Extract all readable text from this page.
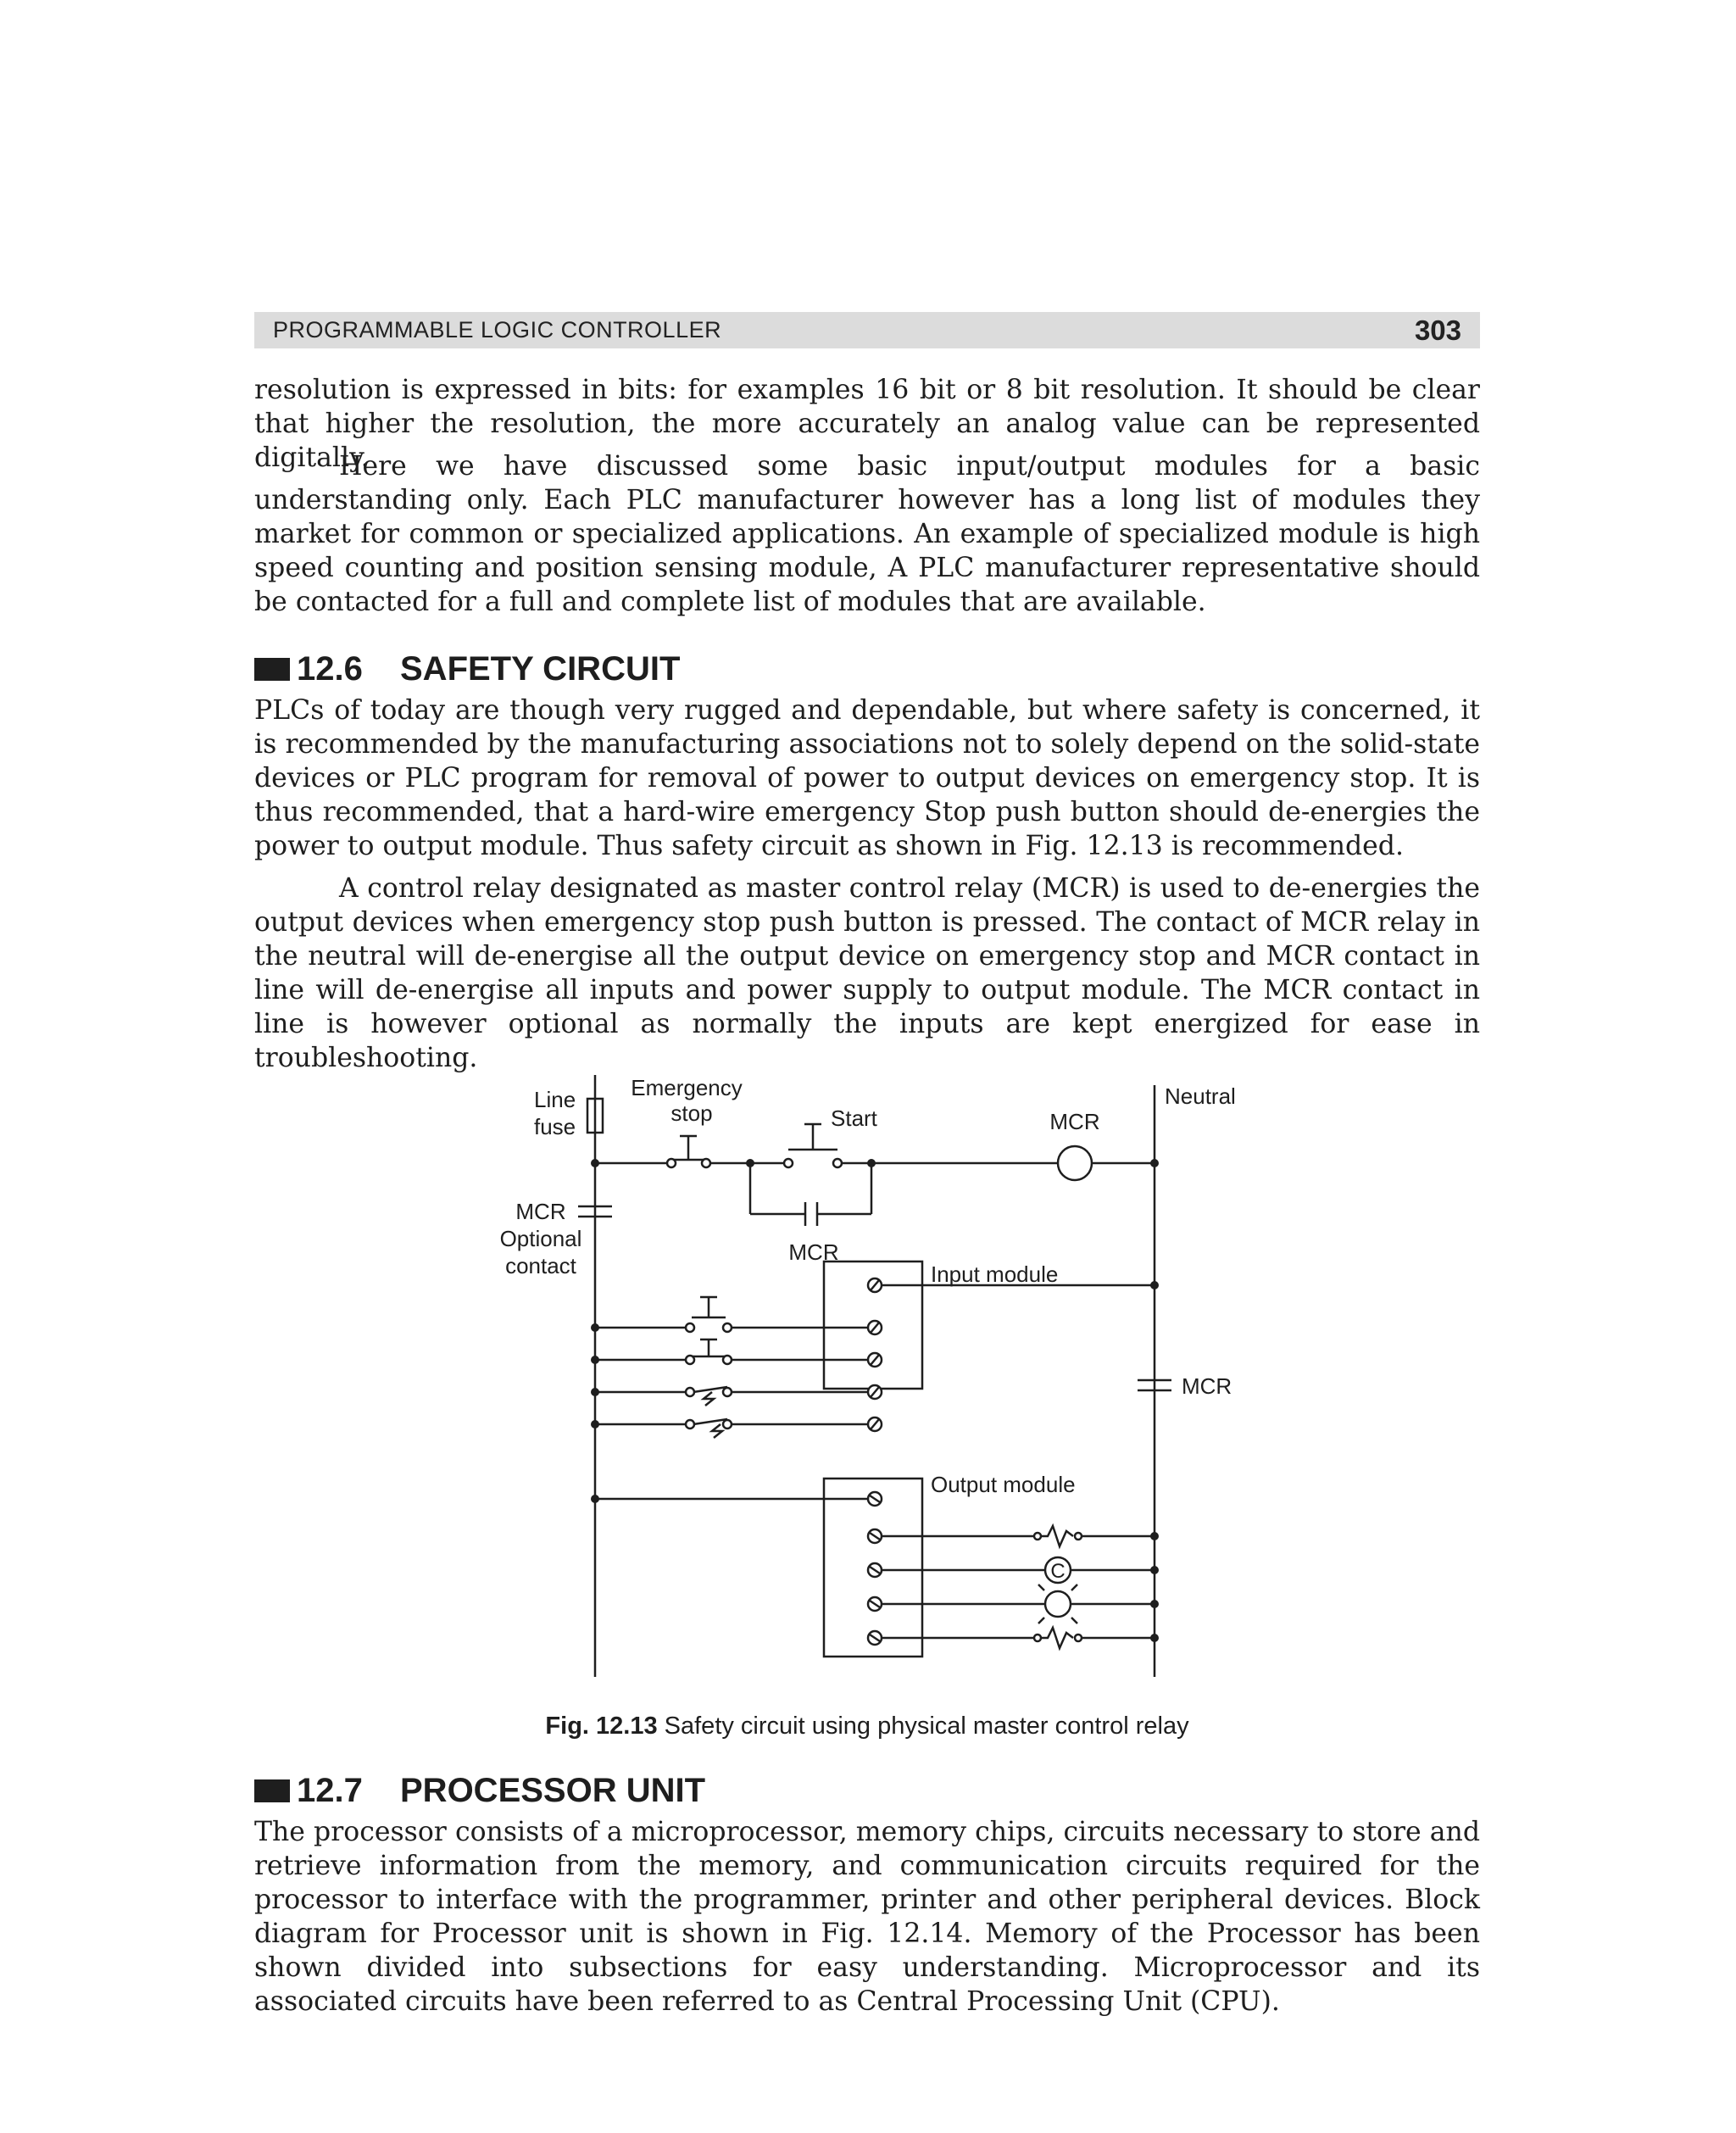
PROGRAMMABLE LOGIC CONTROLLER	303

resolution is expressed in bits: for examples 16 bit or 8 bit resolution. It should be clear that higher the resolution, the more accurately an analog value can be represented digitally.

Here we have discussed some basic input/output modules for a basic understanding only. Each PLC manufacturer however has a long list of modules they market for common or specialized applications. An example of specialized module is high speed counting and position sensing module, A PLC manufacturer representative should be contacted for a full and complete list of modules that are available.

12.6	SAFETY CIRCUIT

PLCs of today are though very rugged and dependable, but where safety is concerned, it is recommended by the manufacturing associations not to solely depend on the solid-state devices or PLC program for removal of power to output devices on emergency stop. It is thus recommended, that a hard-wire emergency Stop push button should de-energies the power to output module. Thus safety circuit as shown in Fig. 12.13 is recommended.

A control relay designated as master control relay (MCR) is used to de-energies the output devices when emergency stop push button is pressed. The contact of MCR relay in the neutral will de-energise all the output device on emergency stop and MCR contact in line will de-energise all inputs and power supply to output module. The MCR contact in line is however optional as normally the inputs are kept energized for ease in troubleshooting.

Line
fuse
Emergency
stop	Start	MCR
Neutral
MCR
Optional
contact
MCR
Input module
MCR
Output module
C
Fig. 12.13 Safety circuit using physical master control relay
12.7	PROCESSOR UNIT

The processor consists of a microprocessor, memory chips, circuits necessary to store and retrieve information from the memory, and communication circuits required for the processor to interface with the programmer, printer and other peripheral devices. Block diagram for Processor unit is shown in Fig. 12.14. Memory of the Processor has been shown divided into subsections for easy understanding. Microprocessor and its associated circuits have been referred to as Central Processing Unit (CPU).
